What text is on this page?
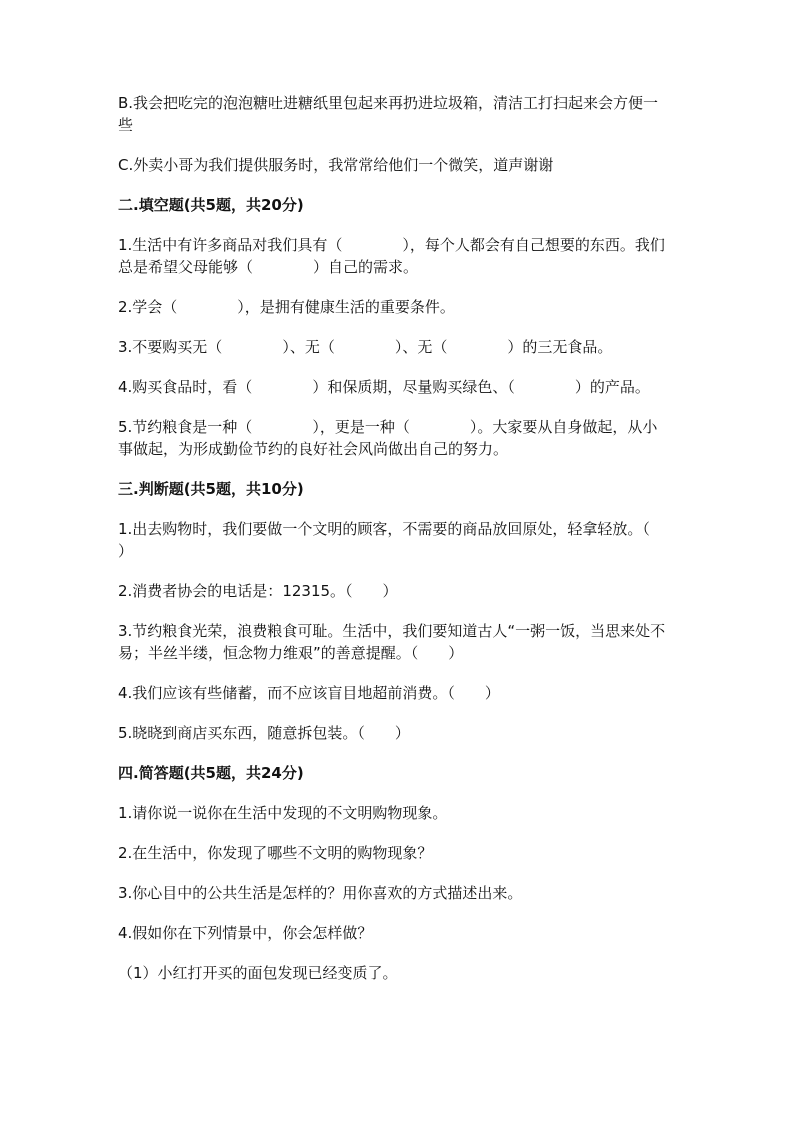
B.我会把吃完的泡泡糖吐进糖纸里包起来再扔进垃圾箱，清洁工打扫起来会方便一些

C.外卖小哥为我们提供服务时，我常常给他们一个微笑，道声谢谢

二.填空题(共5题，共20分)

1.生活中有许多商品对我们具有（　　　　），每个人都会有自己想要的东西。我们总是希望父母能够（　　　　）自己的需求。

2.学会（　　　　），是拥有健康生活的重要条件。

3.不要购买无（　　　　）、无（　　　　）、无（　　　　）的三无食品。

4.购买食品时，看（　　　　）和保质期，尽量购买绿色、（　　　　）的产品。

5.节约粮食是一种（　　　　），更是一种（　　　　）。大家要从自身做起，从小事做起，为形成勤俭节约的良好社会风尚做出自己的努力。

三.判断题(共5题，共10分)

1.出去购物时，我们要做一个文明的顾客，不需要的商品放回原处，轻拿轻放。（　　）

2.消费者协会的电话是：12315。（　　）

3.节约粮食光荣，浪费粮食可耻。生活中，我们要知道古人“一粥一饭，当思来处不易；半丝半缕，恒念物力维艰”的善意提醒。（　　）

4.我们应该有些储蓄，而不应该盲目地超前消费。（　　）

5.晓晓到商店买东西，随意拆包装。（　　）

四.简答题(共5题，共24分)

1.请你说一说你在生活中发现的不文明购物现象。

2.在生活中，你发现了哪些不文明的购物现象？

3.你心目中的公共生活是怎样的？用你喜欢的方式描述出来。

4.假如你在下列情景中，你会怎样做？

（1）小红打开买的面包发现已经变质了。
